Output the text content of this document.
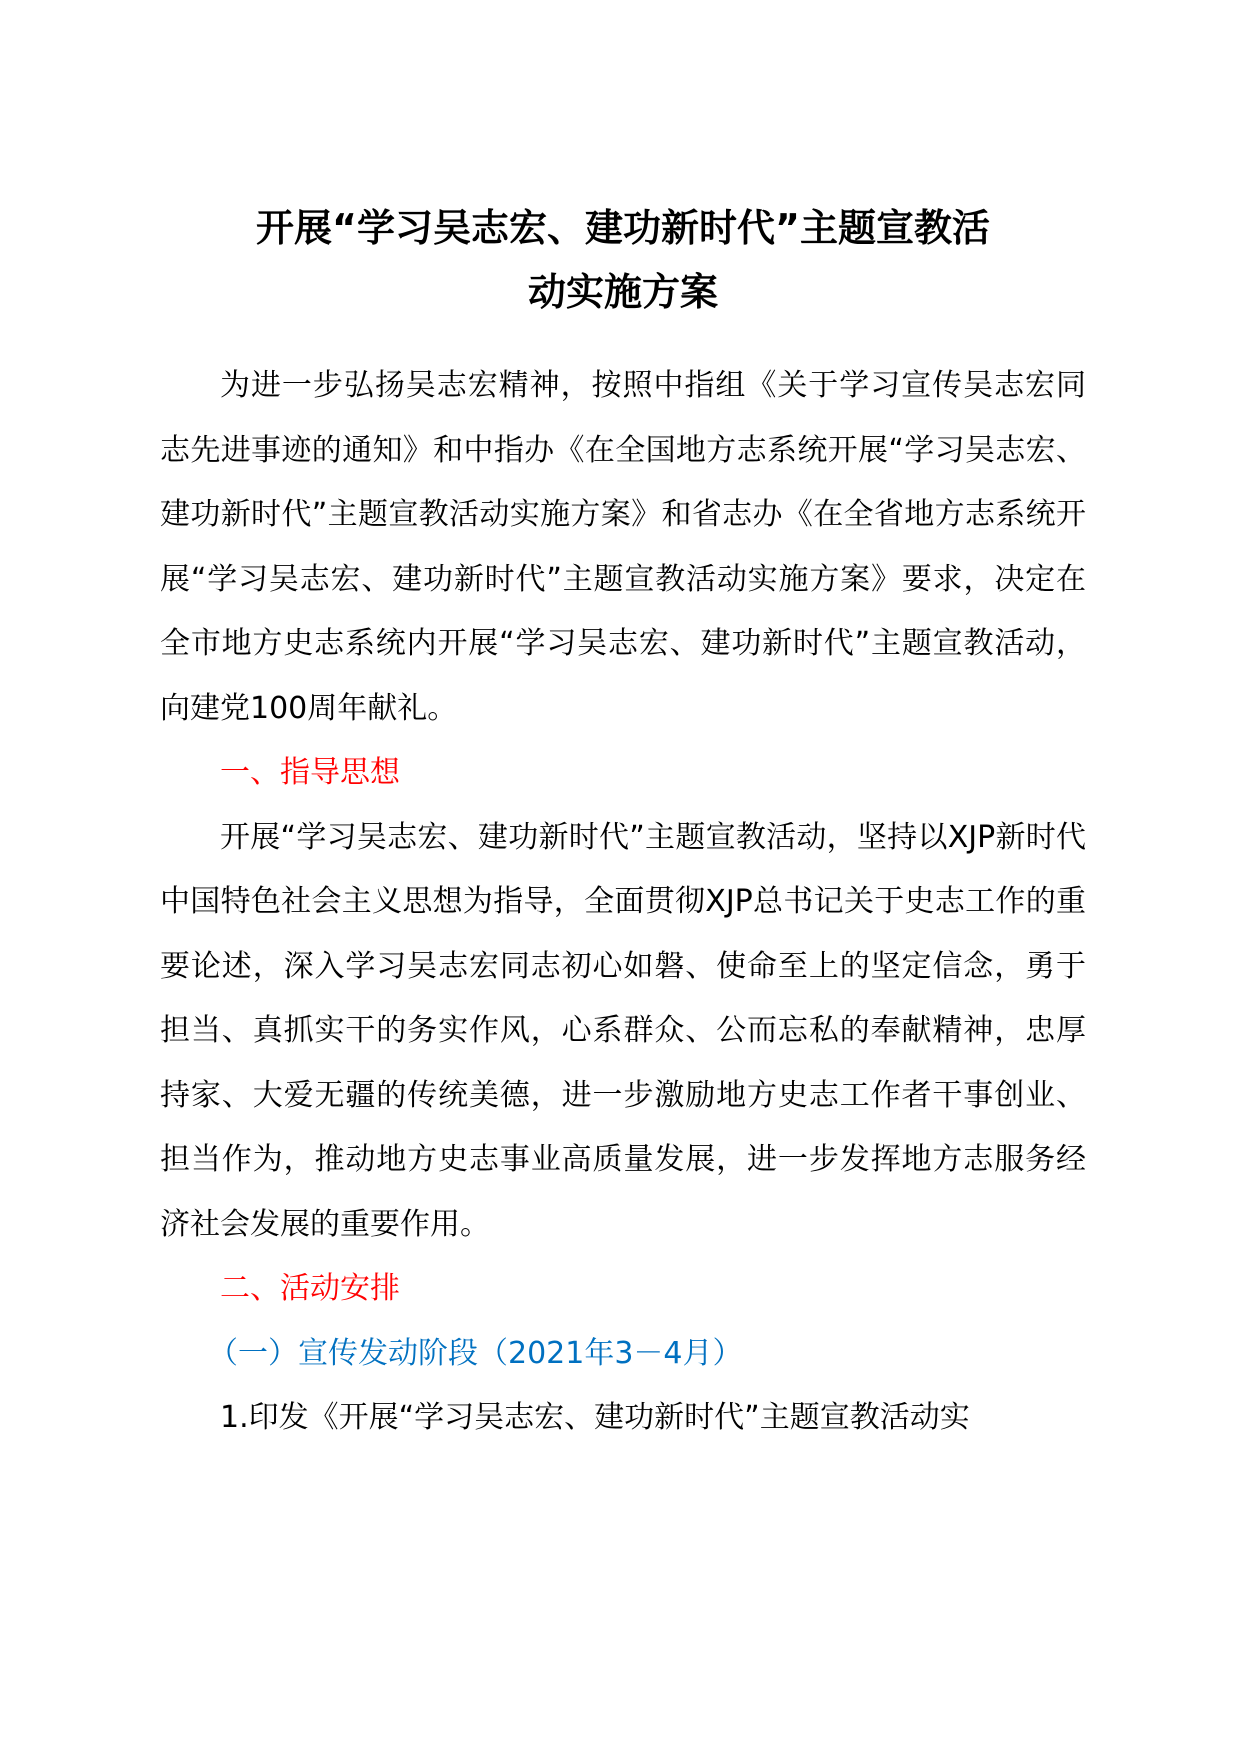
开展“学习吴志宏、建功新时代”主题宣教活
动实施方案

为进一步弘扬吴志宏精神，按照中指组《关于学习宣传吴志宏同志先进事迹的通知》和中指办《在全国地方志系统开展“学习吴志宏、建功新时代”主题宣教活动实施方案》和省志办《在全省地方志系统开展“学习吴志宏、建功新时代”主题宣教活动实施方案》要求，决定在全市地方史志系统内开展“学习吴志宏、建功新时代”主题宣教活动，向建党100周年献礼。

一、指导思想

开展“学习吴志宏、建功新时代”主题宣教活动，坚持以XJP新时代中国特色社会主义思想为指导，全面贯彻XJP总书记关于史志工作的重要论述，深入学习吴志宏同志初心如磐、使命至上的坚定信念，勇于担当、真抓实干的务实作风，心系群众、公而忘私的奉献精神，忠厚持家、大爱无疆的传统美德，进一步激励地方史志工作者干事创业、担当作为，推动地方史志事业高质量发展，进一步发挥地方志服务经济社会发展的重要作用。

二、活动安排

（一）宣传发动阶段（2021年3－4月）

1.印发《开展“学习吴志宏、建功新时代”主题宣教活动实
